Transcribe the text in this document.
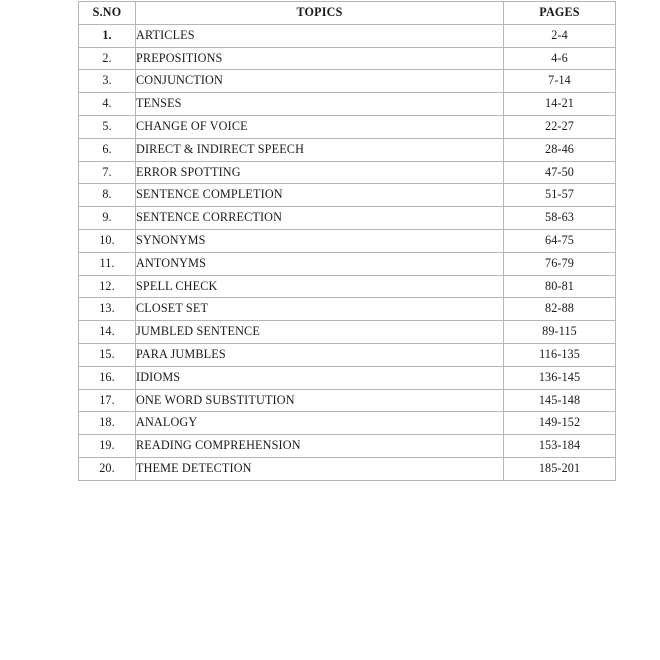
S.NO	TOPICS	PAGES
1.	ARTICLES	2-4
2.	PREPOSITIONS	4-6
3.	CONJUNCTION	7-14
4.	TENSES	14-21
5.	CHANGE OF VOICE	22-27
6.	DIRECT & INDIRECT SPEECH	28-46
7.	ERROR SPOTTING	47-50
8.	SENTENCE COMPLETION	51-57
9.	SENTENCE CORRECTION	58-63
10.	SYNONYMS	64-75
11.	ANTONYMS	76-79
12.	SPELL CHECK	80-81
13.	CLOSET SET	82-88
14.	JUMBLED SENTENCE	89-115
15.	PARA JUMBLES	116-135
16.	IDIOMS	136-145
17.	ONE WORD SUBSTITUTION	145-148
18.	ANALOGY	149-152
19.	READING COMPREHENSION	153-184
20.	THEME DETECTION	185-201
